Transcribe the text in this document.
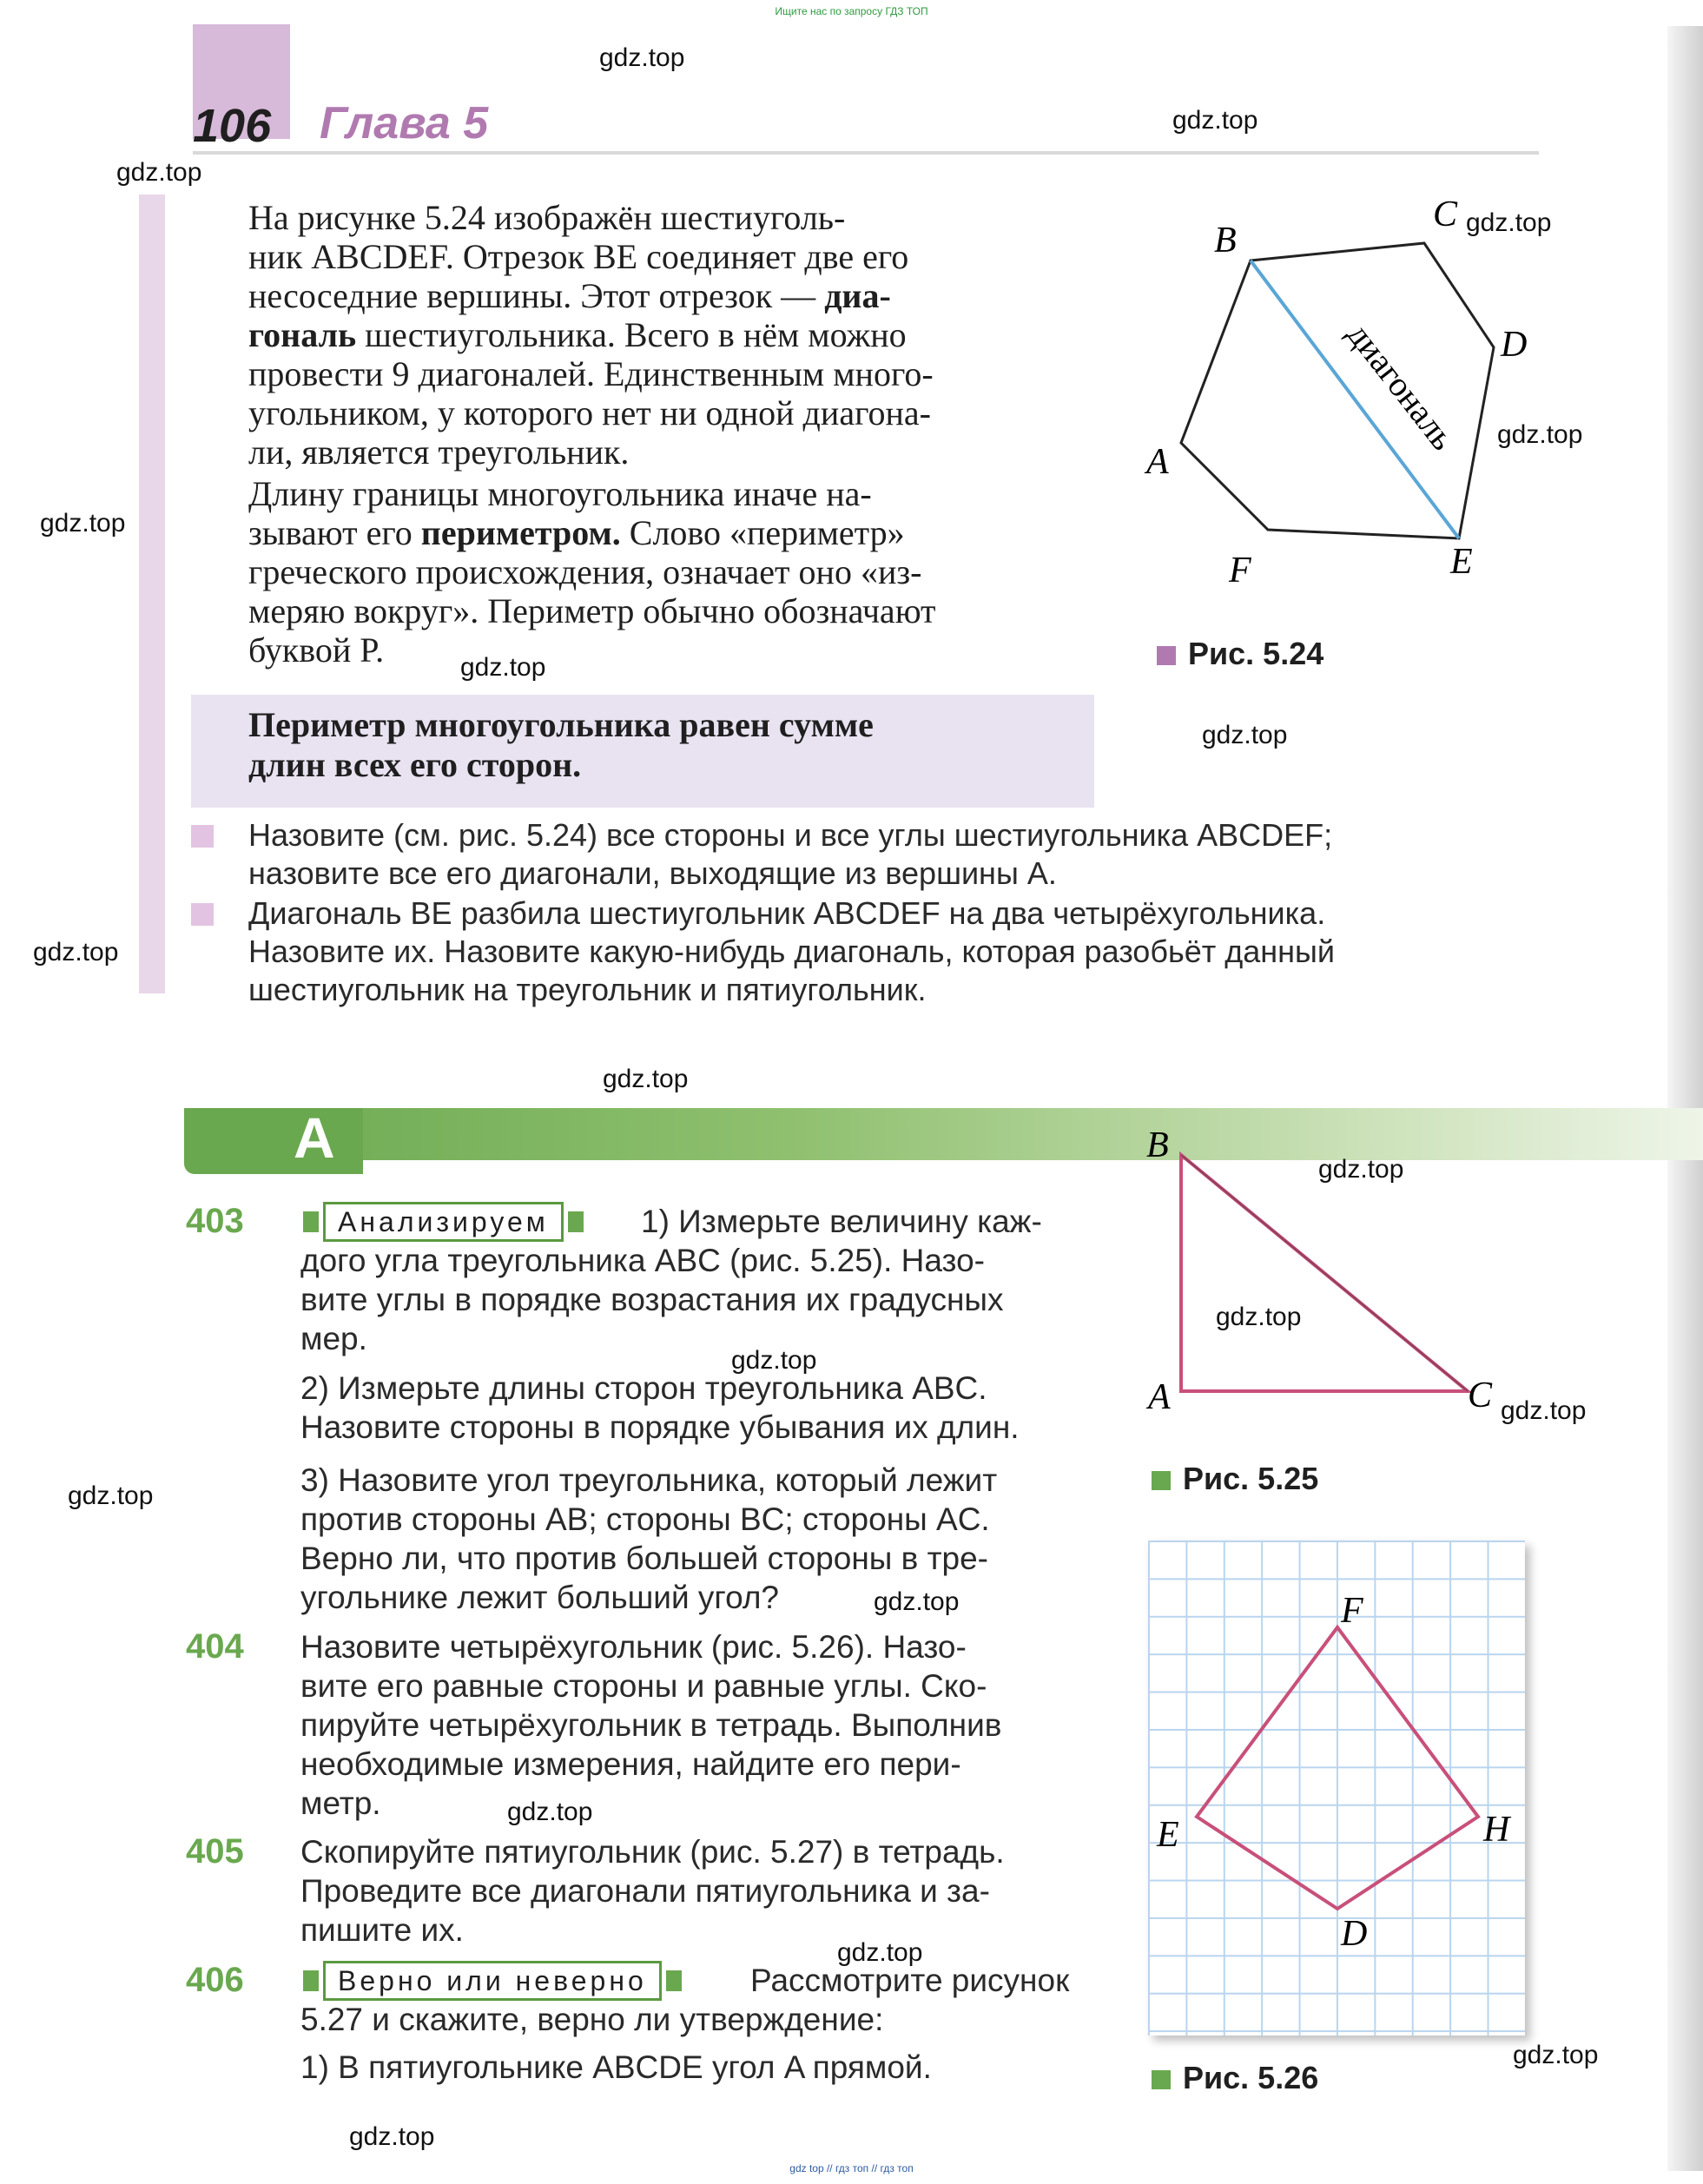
Ищите нас по запросу ГДЗ ТОП
106 Глава 5
На рисунке 5.24 изображён шестиуголь-
ник ABCDEF. Отрезок BE соединяет две его
несоседние вершины. Этот отрезок — диа-
гональ шестиугольника. Всего в нём можно
провести 9 диагоналей. Единственным много-
угольником, у которого нет ни одной диагона-
ли, является треугольник.
Длину границы многоугольника иначе на-
зывают его периметром. Слово «периметр»
греческого происхождения, означает оно «из-
меряю вокруг». Периметр обычно обозначают
буквой P.
диагональ
A
B
C
D
E
F
Рис. 5.24
Периметр многоугольника равен сумме
длин всех его сторон.
Назовите (см. рис. 5.24) все стороны и все углы шестиугольника ABCDEF;
назовите все его диагонали, выходящие из вершины A.
Диагональ BE разбила шестиугольник ABCDEF на два четырёхугольника.
Назовите их. Назовите какую-нибудь диагональ, которая разобьёт данный
шестиугольник на треугольник и пятиугольник.
А
403	Анализируем	1) Измерьте величину каж-
дого угла треугольника ABC (рис. 5.25). Назо-
вите углы в порядке возрастания их градусных
мер.
2) Измерьте длины сторон треугольника ABC.
Назовите стороны в порядке убывания их длин.
3) Назовите угол треугольника, который лежит
против стороны AB; стороны BC; стороны AC.
Верно ли, что против большей стороны в тре-
угольнике лежит больший угол?
404 Назовите четырёхугольник (рис. 5.26). Назо-
вите его равные стороны и равные углы. Ско-
пируйте четырёхугольник в тетрадь. Выполнив
необходимые измерения, найдите его пери-
метр.
405 Скопируйте пятиугольник (рис. 5.27) в тетрадь.
Проведите все диагонали пятиугольника и за-
пишите их.
406	Верно или неверно	Рассмотрите рисунок
5.27 и скажите, верно ли утверждение:
1) В пятиугольнике ABCDE угол A прямой.
B
A	C
Рис. 5.25
F
E	H
D
Рис. 5.26
gdz.top
gdz.top
gdz.top
gdz.top
gdz.top
gdz.top
gdz.top
gdz.top
gdz.top
gdz.top
gdz.top
gdz.top
gdz.top
gdz.top
gdz.top
gdz.top
gdz.top
gdz.top
gdz.top
gdz.top
gdz top // гдз топ // гдз топ
